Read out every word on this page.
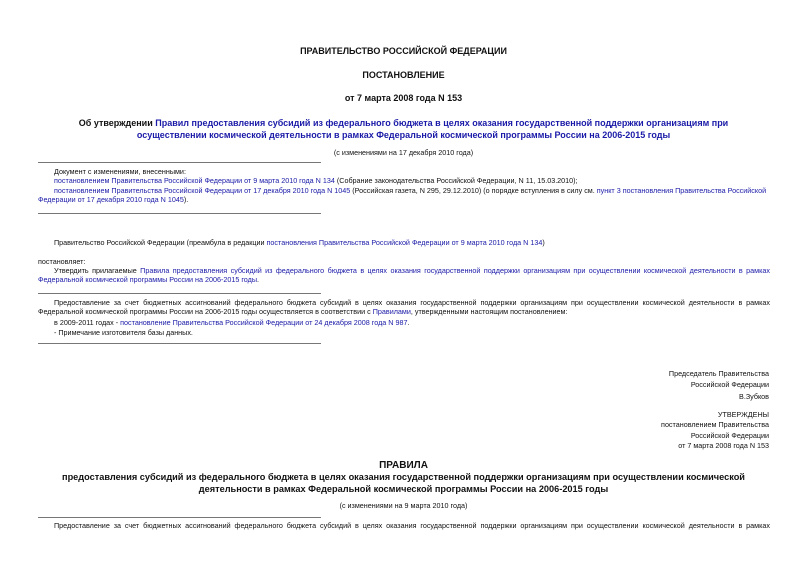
ПРАВИТЕЛЬСТВО РОССИЙСКОЙ ФЕДЕРАЦИИ
ПОСТАНОВЛЕНИЕ
от 7 марта 2008 года N 153
Об утверждении Правил предоставления субсидий из федерального бюджета в целях оказания государственной поддержки организациям при осуществлении космической деятельности в рамках Федеральной космической программы России на 2006-2015 годы
(с изменениями на 17 декабря 2010 года)

Документ с изменениями, внесенными:

постановлением Правительства Российской Федерации от 9 марта 2010 года N 134 (Собрание законодательства Российской Федерации, N 11, 15.03.2010);

постановлением Правительства Российской Федерации от 17 декабря 2010 года N 1045 (Российская газета, N 295, 29.12.2010) (о порядке вступления в силу см. пункт 3 постановления Правительства Российской Федерации от 17 декабря 2010 года N 1045).

Правительство Российской Федерации (преамбула в редакции постановления Правительства Российской Федерации от 9 марта 2010 года N 134)
постановляет:
Утвердить прилагаемые Правила предоставления субсидий из федерального бюджета в целях оказания государственной поддержки организациям при осуществлении космической деятельности в рамках Федеральной космической программы России на 2006-2015 годы.
Предоставление за счет бюджетных ассигнований федерального бюджета субсидий в целях оказания государственной поддержки организациям при осуществлении космической деятельности в рамках Федеральной космической программы России на 2006-2015 годы осуществляется в соответствии с Правилами, утвержденными настоящим постановлением:
в 2009-2011 годах - постановление Правительства Российской Федерации от 24 декабря 2008 года N 987.
- Примечание изготовителя базы данных.
Председатель Правительства
Российской Федерации
В.Зубков
УТВЕРЖДЕНЫ
постановлением Правительства
Российской Федерации
от 7 марта 2008 года N 153
ПРАВИЛА
предоставления субсидий из федерального бюджета в целях оказания государственной поддержки организациям при осуществлении космической деятельности в рамках Федеральной космической программы России на 2006-2015 годы
(с изменениями на 9 марта 2010 года)
Предоставление за счет бюджетных ассигнований федерального бюджета субсидий в целях оказания государственной поддержки организациям при осуществлении космической деятельности в рамках
